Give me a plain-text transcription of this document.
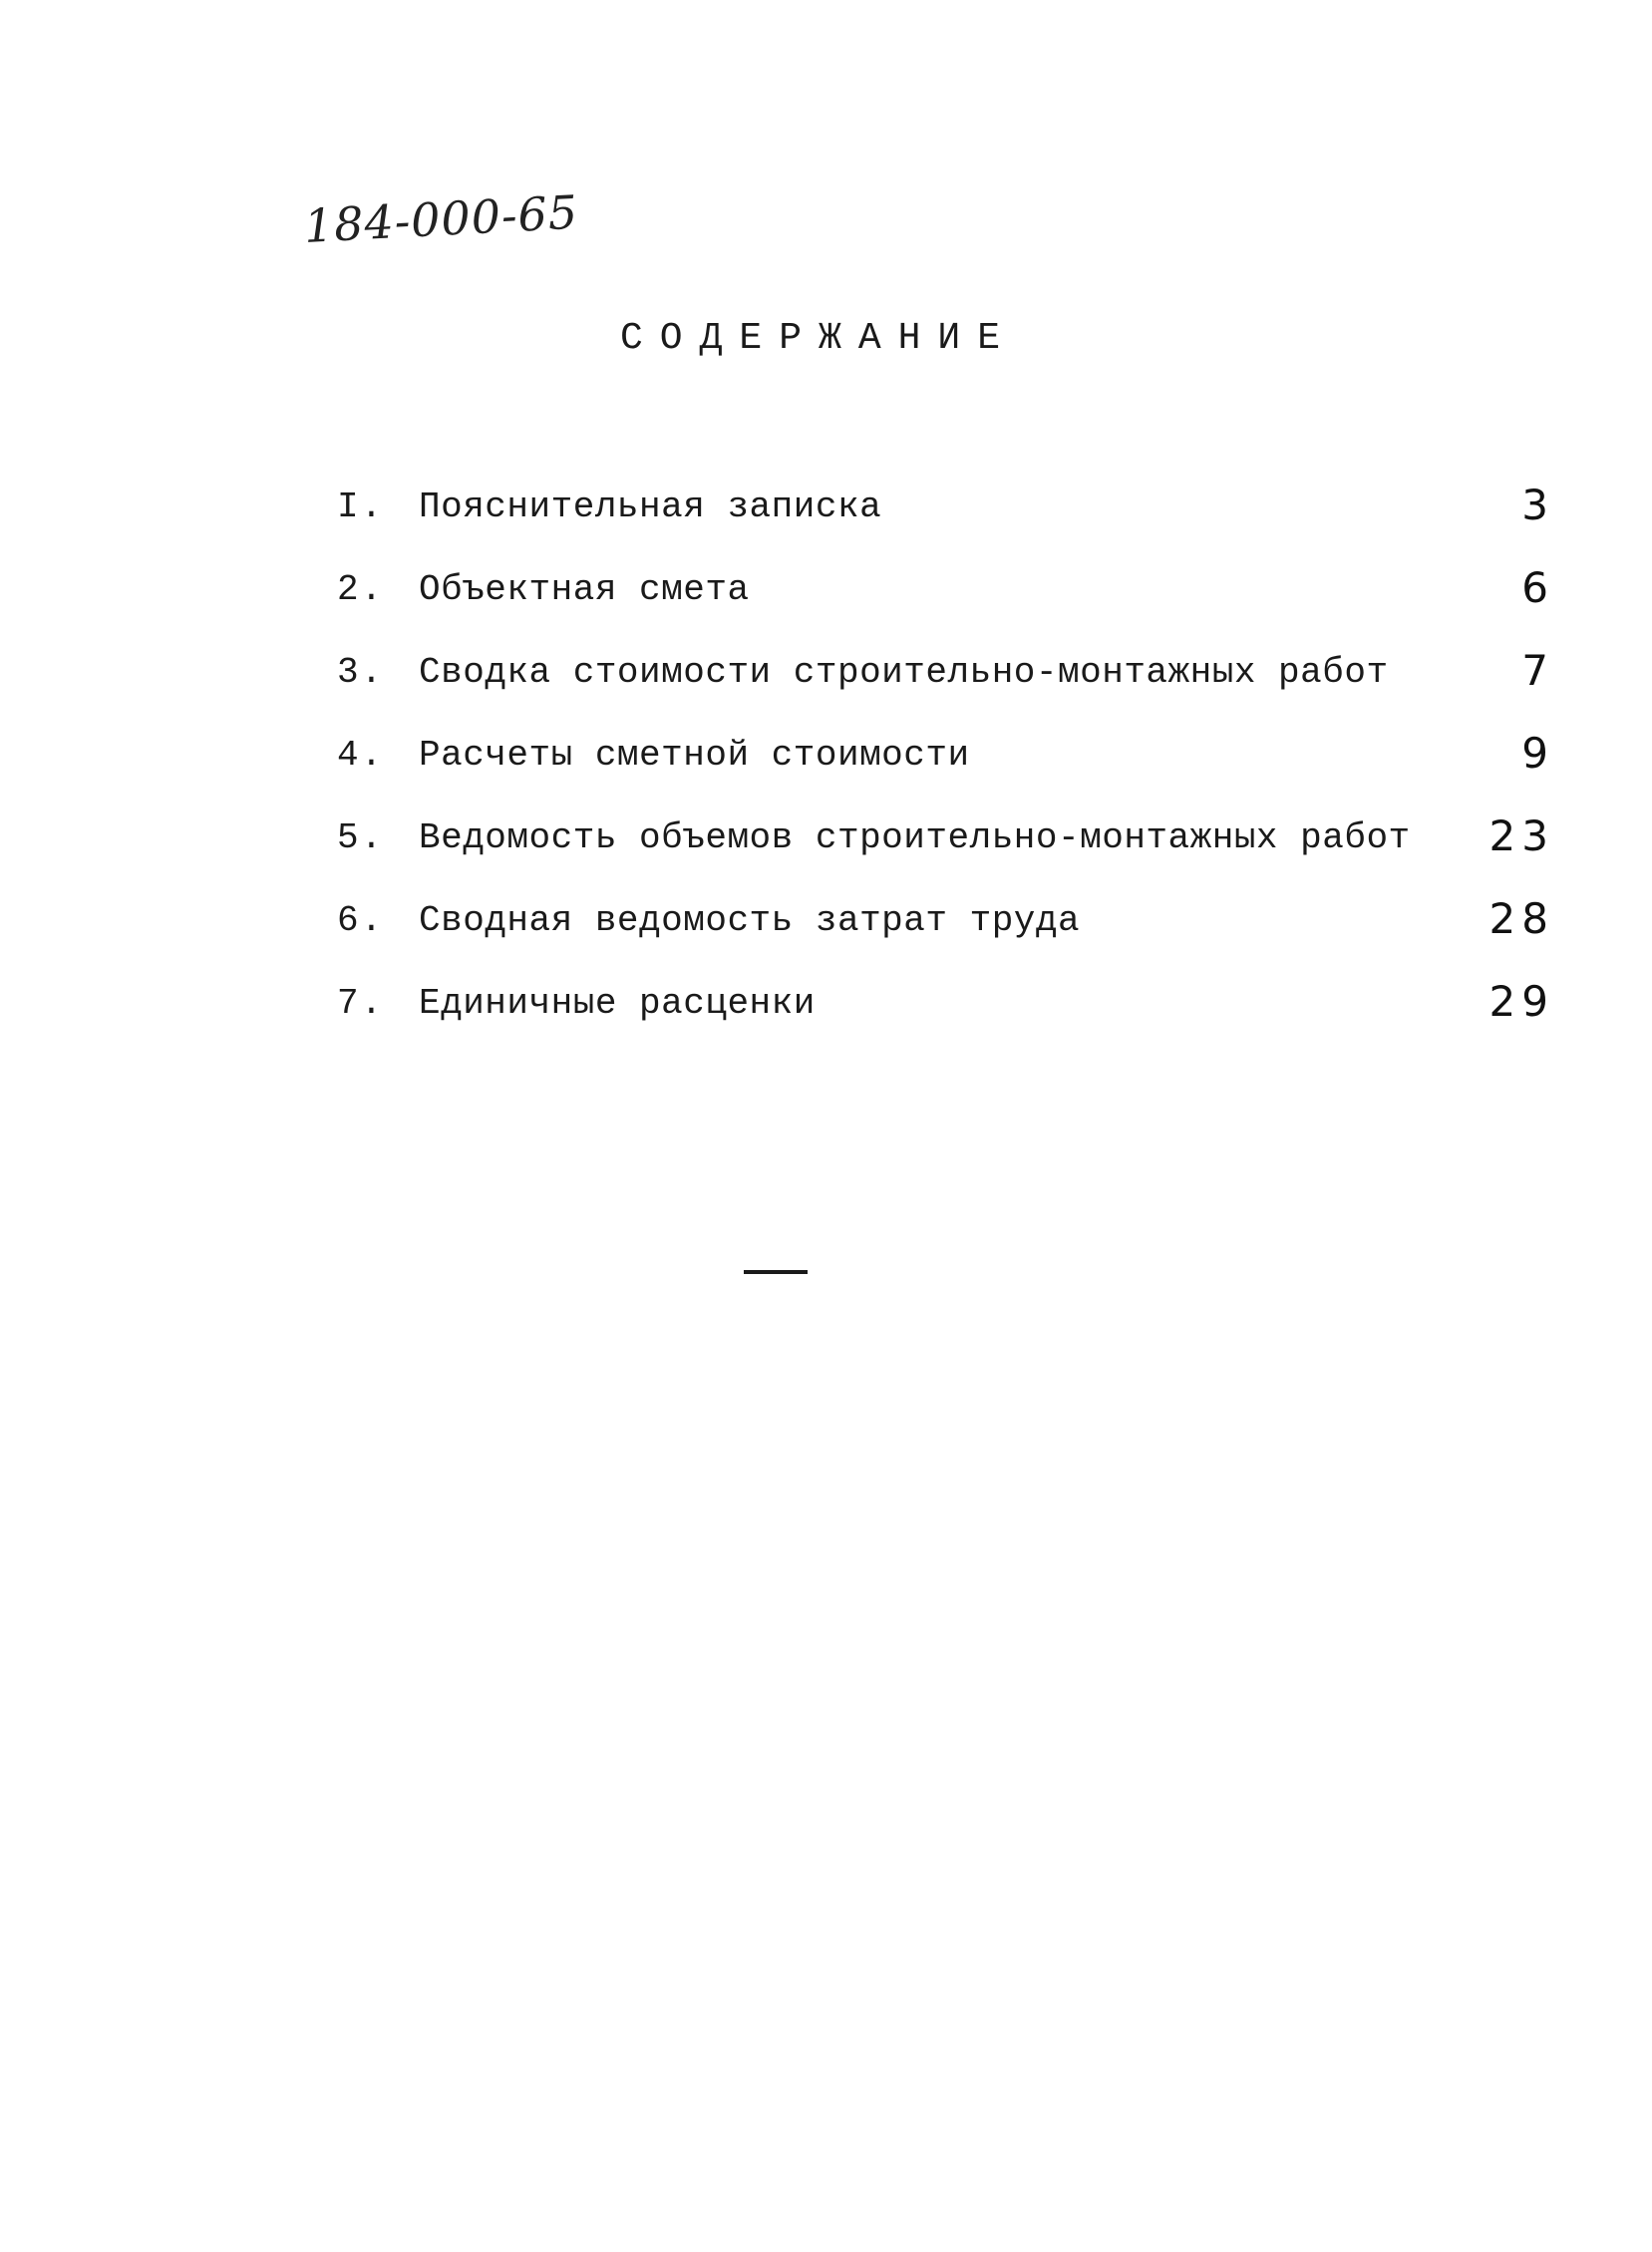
184-000-65
СОДЕРЖАНИЕ
I. Пояснительная записка	3
2. Объектная смета	6
3. Сводка стоимости строительно-монтажных работ	7
4. Расчеты сметной стоимости	9
5. Ведомость объемов строительно-монтажных работ 23
6. Сводная ведомость затрат труда	28
7. Единичные расценки	29
